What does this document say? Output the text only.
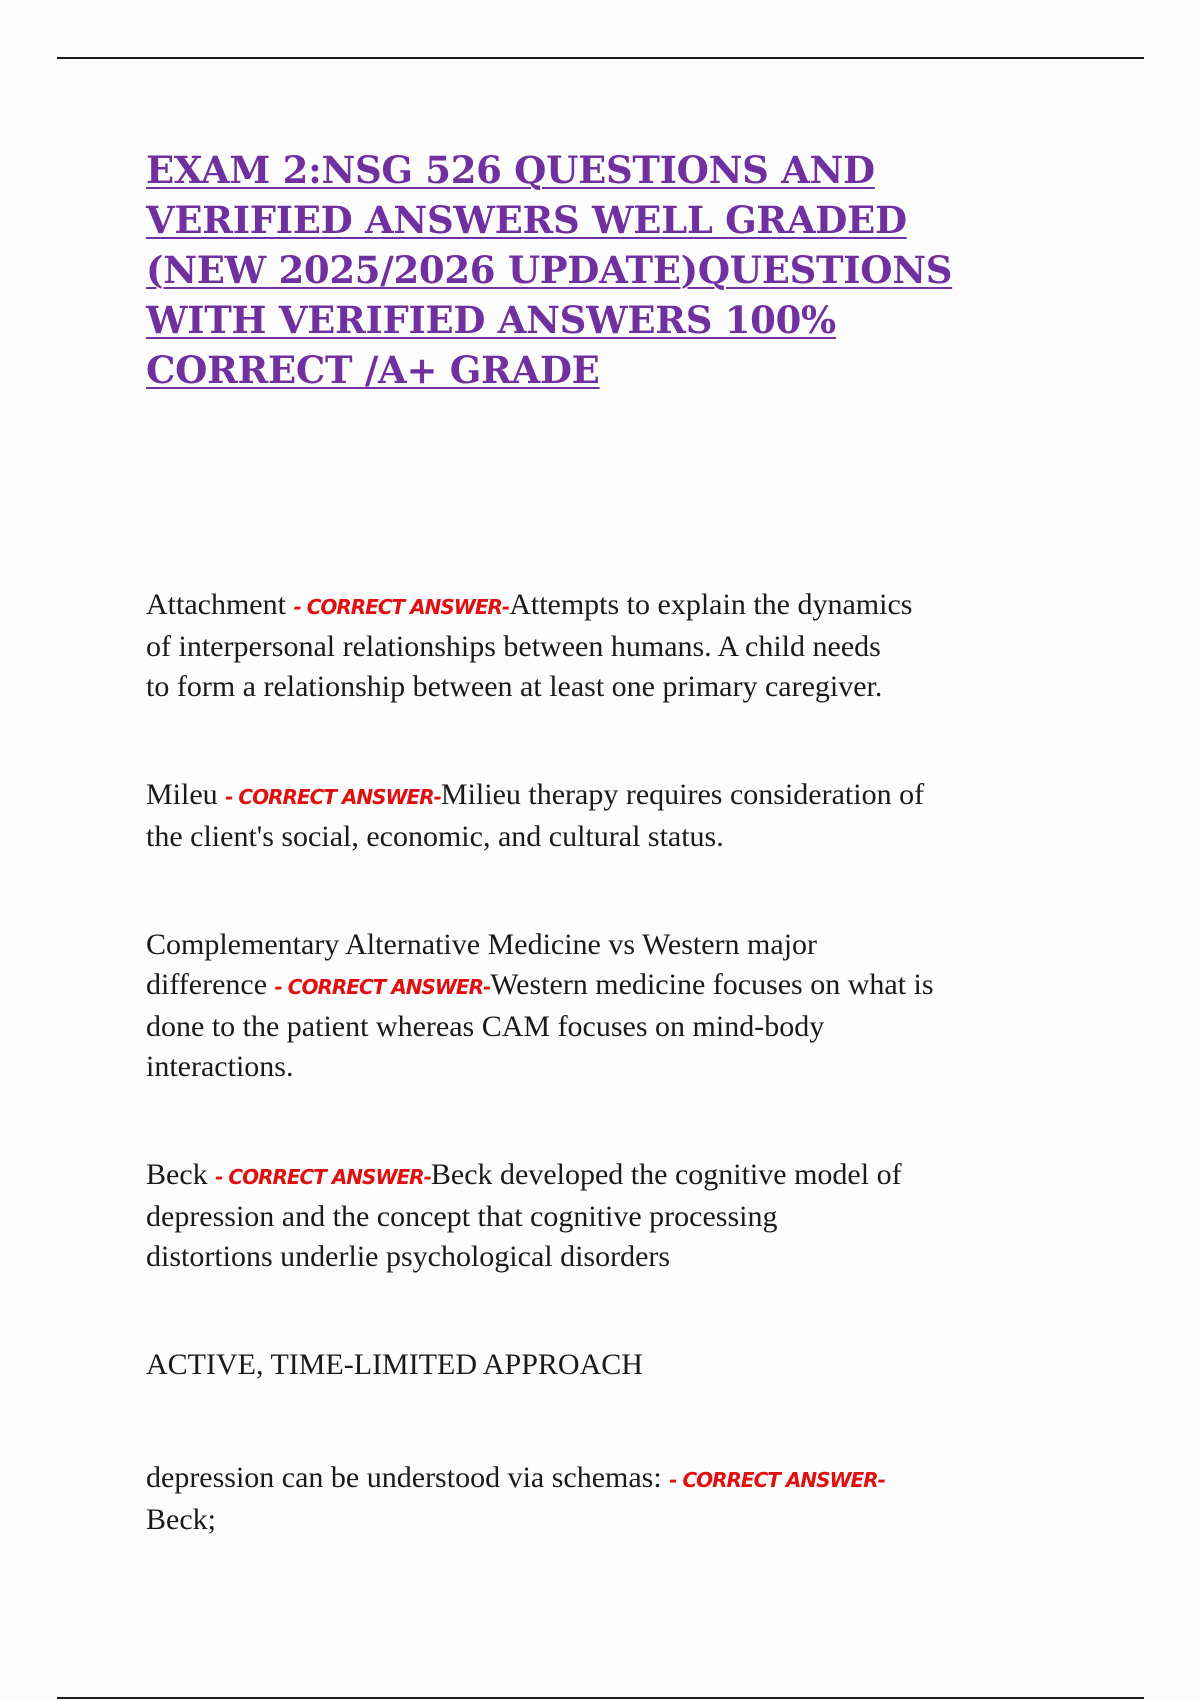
EXAM 2:NSG 526 QUESTIONS AND
VERIFIED ANSWERS WELL GRADED
(NEW 2025/2026 UPDATE)QUESTIONS
WITH VERIFIED ANSWERS 100%
CORRECT /A+ GRADE
Attachment - CORRECT ANSWER-Attempts to explain the dynamics
of interpersonal relationships between humans. A child needs
to form a relationship between at least one primary caregiver.
Mileu - CORRECT ANSWER-Milieu therapy requires consideration of
the client's social, economic, and cultural status.
Complementary Alternative Medicine vs Western major
difference - CORRECT ANSWER-Western medicine focuses on what is
done to the patient whereas CAM focuses on mind-body
interactions.
Beck - CORRECT ANSWER-Beck developed the cognitive model of
depression and the concept that cognitive processing
distortions underlie psychological disorders
ACTIVE, TIME-LIMITED APPROACH
depression can be understood via schemas: - CORRECT ANSWER-
Beck;
